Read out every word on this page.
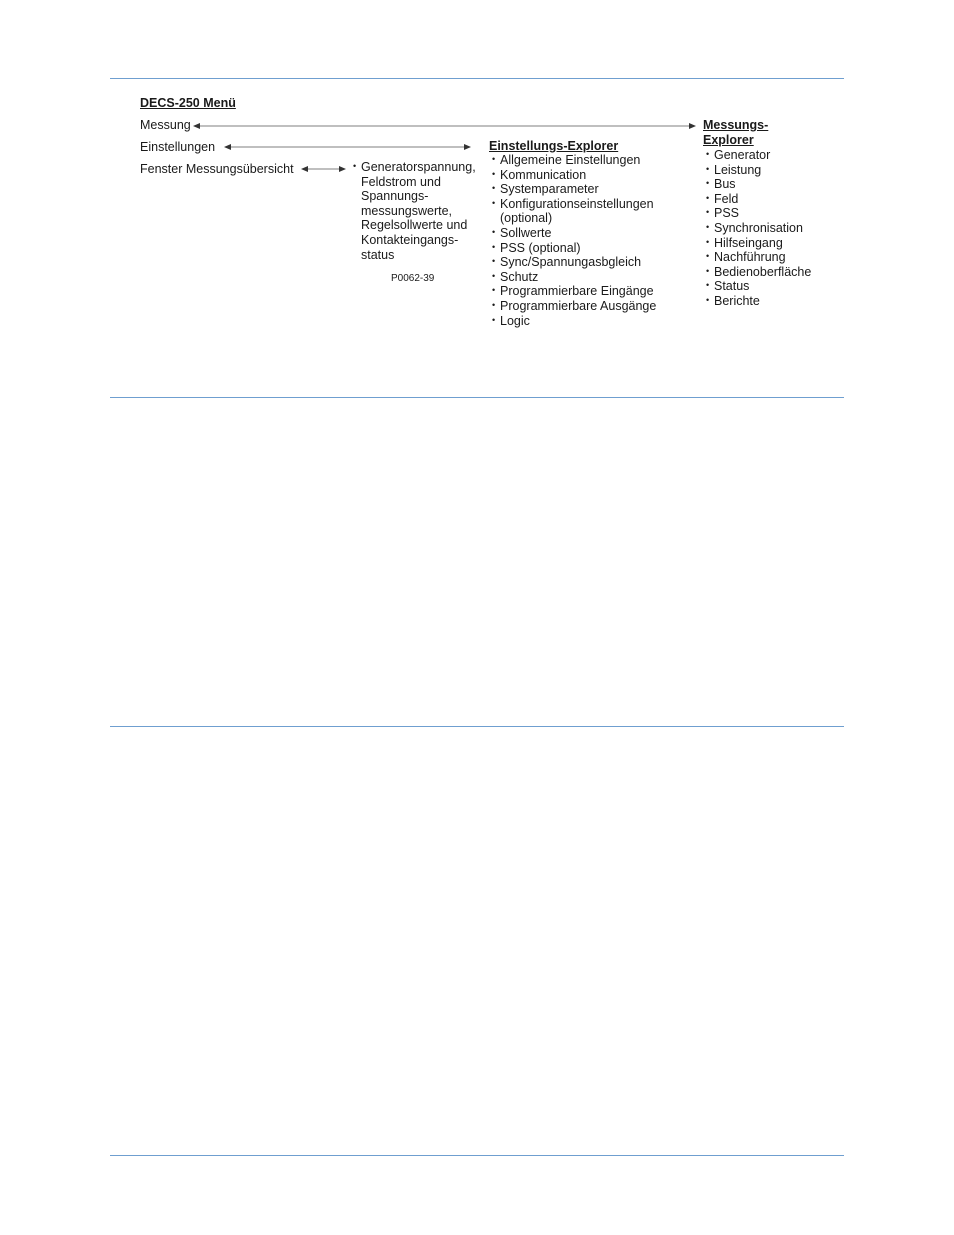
DECS-250 Menü
Messung
Einstellungen
Fenster Messungsübersicht	• Generatorspannung,
Feldstrom und
Spannungs-
messungswerte,
Regelsollwerte und
Kontakteingangs-
status
P0062-39
Einstellungs-Explorer
• Allgemeine Einstellungen
• Kommunication
• Systemparameter
• Konfigurationseinstellungen
(optional)
• Sollwerte
• PSS (optional)
• Sync/Spannungasbgleich
• Schutz
• Programmierbare Eingänge
• Programmierbare Ausgänge
• Logic
Messungs-
Explorer
• Generator
• Leistung
• Bus
• Feld
• PSS
• Synchronisation
• Hilfseingang
• Nachführung
• Bedienoberfläche
• Status
• Berichte
